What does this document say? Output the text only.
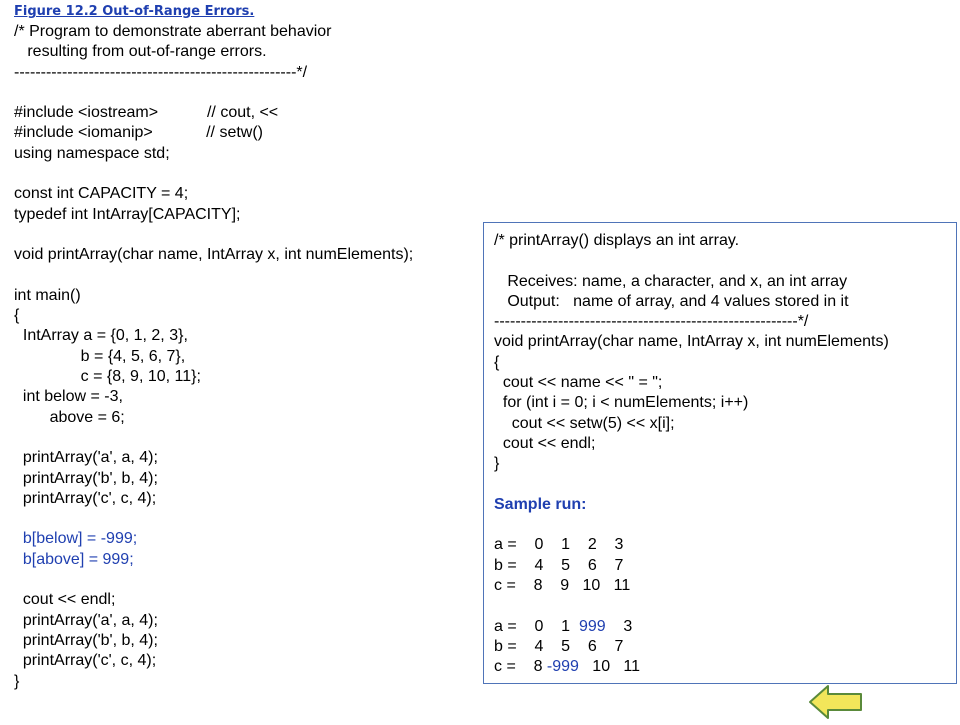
Figure 12.2 Out-of-Range Errors.
/* Program to demonstrate aberrant behavior
resulting from out-of-range errors.
-----------------------------------------------------*/
#include <iostream>           // cout, <<
#include <iomanip>            // setw()
using namespace std;
const int CAPACITY = 4;
typedef int IntArray[CAPACITY];
void printArray(char name, IntArray x, int numElements);
int main()
{
IntArray a = {0, 1, 2, 3},
b = {4, 5, 6, 7},
c = {8, 9, 10, 11};
int below = -3,
above = 6;
printArray('a', a, 4);
printArray('b', b, 4);
printArray('c', c, 4);
b[below] = -999;
b[above] = 999;
cout << endl;
printArray('a', a, 4);
printArray('b', b, 4);
printArray('c', c, 4);
}
/* printArray() displays an int array.
Receives: name, a character, and x, an int array
Output:   name of array, and 4 values stored in it
---------------------------------------------------------*/
void printArray(char name, IntArray x, int numElements)
{
cout << name << " = ";
for (int i = 0; i < numElements; i++)
cout << setw(5) << x[i];
cout << endl;
}
Sample run:
a =    0    1    2    3
b =    4    5    6    7
c =    8    9   10   11
a =    0    1  999    3
b =    4    5    6    7
c =    8 -999   10   11
